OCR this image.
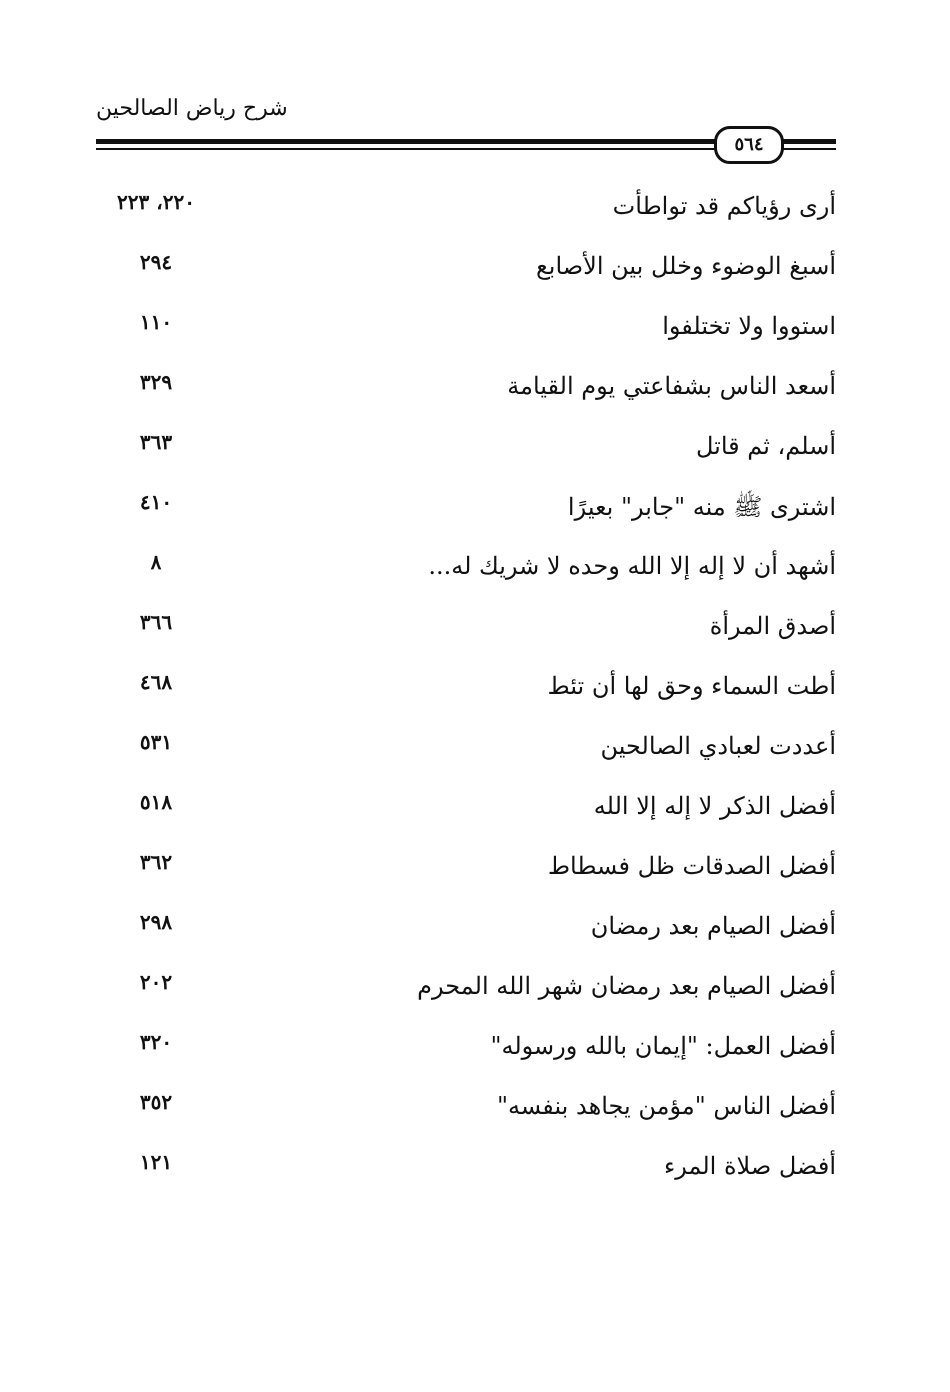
شرح رياض الصالحين
٥٦٤
أرى رؤياكم قد تواطأت
٢٢٠، ٢٢٣
أسبغ الوضوء وخلل بين الأصابع
٢٩٤
استووا ولا تختلفوا
١١٠
أسعد الناس بشفاعتي يوم القيامة
٣٢٩
أسلم، ثم قاتل
٣٦٣
اشترى ﷺ منه "جابر" بعيرًا
٤١٠
أشهد أن لا إله إلا الله وحده لا شريك له...
٨
أصدق المرأة
٣٦٦
أطت السماء وحق لها أن تئط
٤٦٨
أعددت لعبادي الصالحين
٥٣١
أفضل الذكر لا إله إلا الله
٥١٨
أفضل الصدقات ظل فسطاط
٣٦٢
أفضل الصيام بعد رمضان
٢٩٨
أفضل الصيام بعد رمضان شهر الله المحرم
٢٠٢
أفضل العمل: "إيمان بالله ورسوله"
٣٢٠
أفضل الناس "مؤمن يجاهد بنفسه"
٣٥٢
أفضل صلاة المرء
١٢١
